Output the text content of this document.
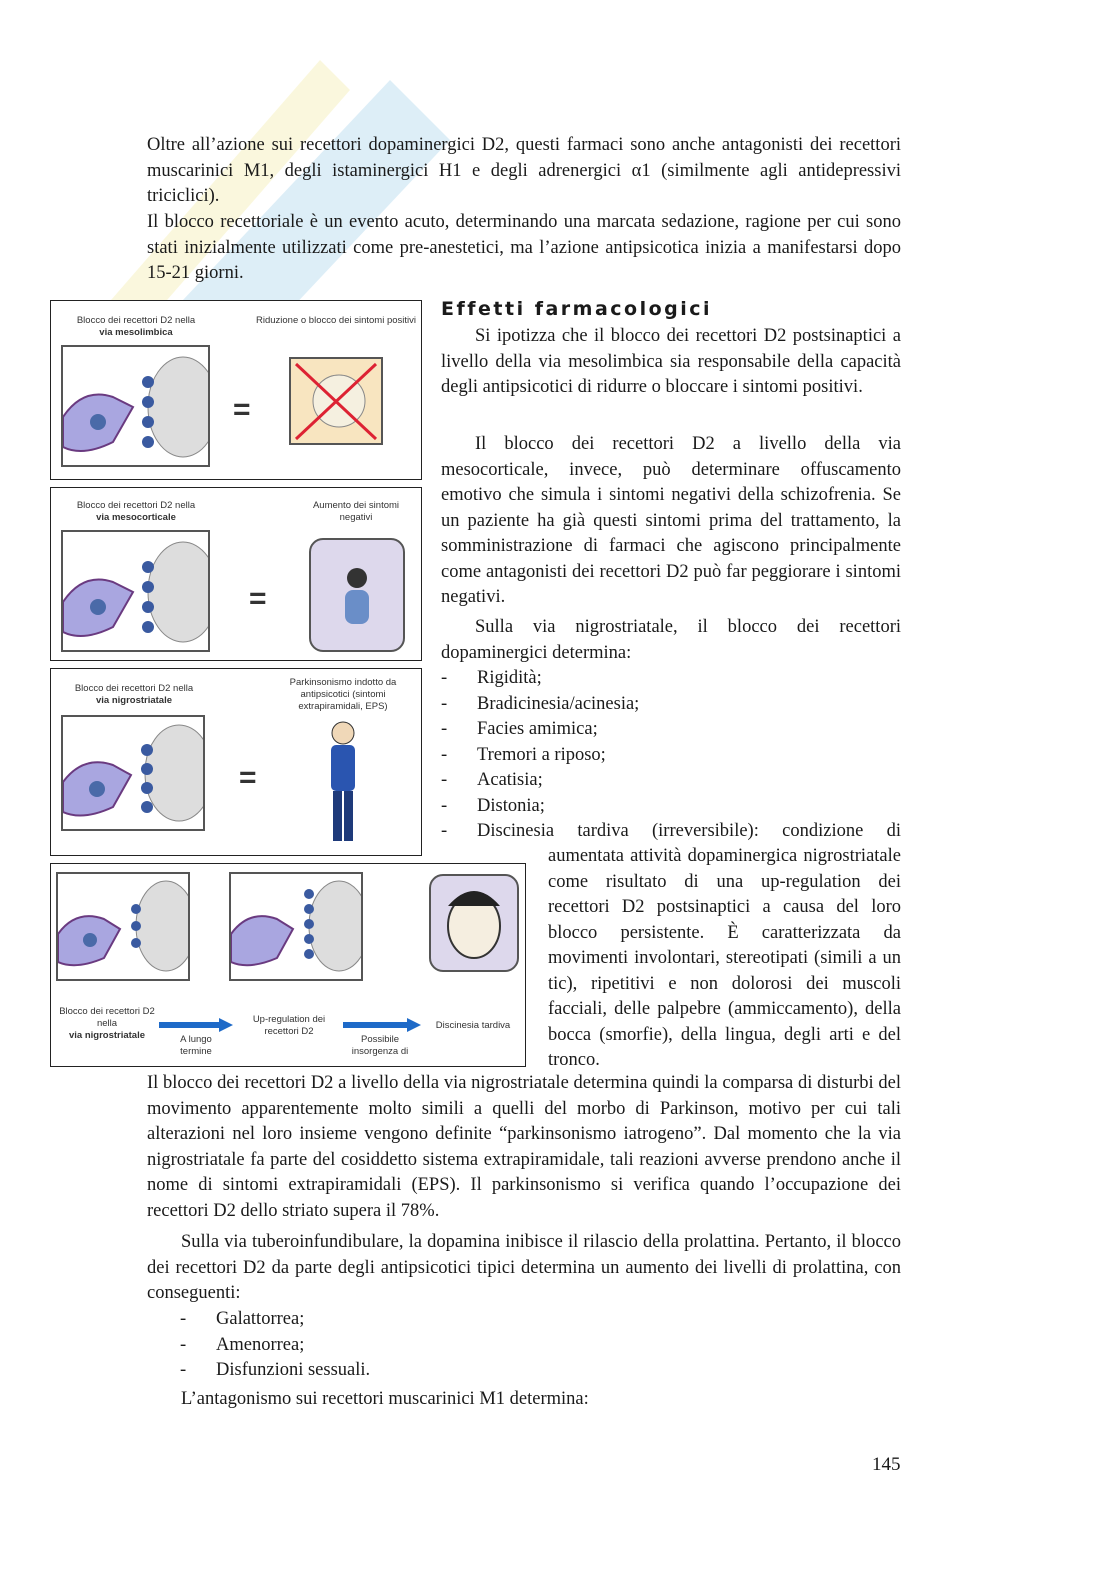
Oltre all’azione sui recettori dopaminergici D2, questi farmaci sono anche antagonisti dei recettori muscarinici M1, degli istaminergici H1 e degli adrenergici α1 (similmente agli antidepressivi triciclici).
Il blocco recettoriale è un evento acuto, determinando una marcata sedazione, ragione per cui sono stati inizialmente utilizzati come pre-anestetici, ma l’azione antipsicotica inizia a manifestarsi dopo 15-21 giorni.
Blocco dei recettori D2 nella
via mesolimbica
Riduzione o blocco dei sintomi positivi
=
Blocco dei recettori D2 nella
via mesocorticale
Aumento dei sintomi negativi
=
Blocco dei recettori D2 nella
via nigrostriatale
Parkinsonismo indotto da antipsicotici (sintomi extrapiramidali, EPS)
=
Blocco dei recettori D2 nella
via nigrostriatale	A lungo termine
Up-regulation dei recettori D2
Possibile insorgenza di
Discinesia tardiva
Effetti farmacologici
Si ipotizza che il blocco dei recettori D2 postsinaptici a livello della via mesolimbica sia responsabile della capacità degli antipsicotici di ridurre o bloccare i sintomi positivi.
Il blocco dei recettori D2 a livello della via mesocorticale, invece, può determinare offuscamento emotivo che simula i sintomi negativi della schizofrenia. Se un paziente ha già questi sintomi prima del trattamento, la somministrazione di farmaci che agiscono principalmente come antagonisti dei recettori D2 può far peggiorare i sintomi negativi.
Sulla via nigrostriatale, il blocco dei recettori dopaminergici determina:
- Rigidità;
- Bradicinesia/acinesia;
- Facies amimica;
- Tremori a riposo;
- Acatisia;
- Distonia;
- Discinesia tardiva (irreversibile): condizione di
aumentata attività dopaminergica nigrostriatale come risultato di una up-regulation dei recettori D2 postsinaptici a causa del loro blocco persistente. È caratterizzata da movimenti involontari, stereotipati (simili a un tic), ripetitivi e non dolorosi dei muscoli facciali, delle palpebre (ammiccamento), della bocca (smorfie), della lingua, degli arti e del tronco.
Il blocco dei recettori D2 a livello della via nigrostriatale determina quindi la comparsa di disturbi del movimento apparentemente molto simili a quelli del morbo di Parkinson, motivo per cui tali alterazioni nel loro insieme vengono definite “parkinsonismo iatrogeno”. Dal momento che la via nigrostriatale fa parte del cosiddetto sistema extrapiramidale, tali reazioni avverse prendono anche il nome di sintomi extrapiramidali (EPS). Il parkinsonismo si verifica quando l’occupazione dei recettori D2 dello striato supera il 78%.
Sulla via tuberoinfundibulare, la dopamina inibisce il rilascio della prolattina. Pertanto, il blocco dei recettori D2 da parte degli antipsicotici tipici determina un aumento dei livelli di prolattina, con conseguenti:
- Galattorrea;
- Amenorrea;
- Disfunzioni sessuali.
L’antagonismo sui recettori muscarinici M1 determina:
145
